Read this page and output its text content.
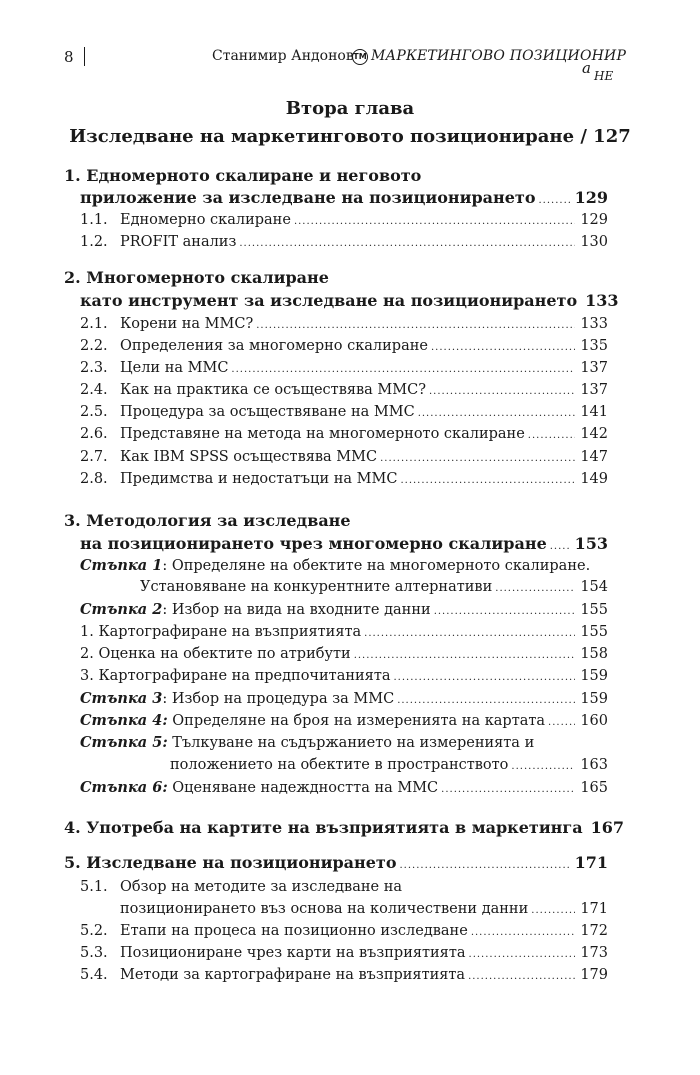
8	Станимир Андонов TM МАРКЕТИНГОВО ПОЗИЦИОНИР
а НЕ
Втора глава
Изследване на маркетинговото позициониране / 127
1. Едномерното скалиране и неговото
приложение за изследване на позиционирането ..... 129
1.1. Едномерно скалиране .....	129
1.2. PROFIT анализ .....	130
2. Многомерното скалиране
като инструмент за изследване на позиционирането 133
2.1. Корени на ММС? .....	133
2.2. Определения за многомерно скалиране .....	135
2.3. Цели на ММС .....	137
2.4. Как на практика се осъществява ММС? .....	137
2.5. Процедура за осъществяване на ММС .....	141
2.6. Представяне на метода на многомерното скалиране .....	142
2.7. Как IBM SPSS осъществява ММС .....	147
2.8. Предимства и недостатъци на ММС .....	149
3. Методология за изследване
на позиционирането чрез многомерно скалиране ..... 153
Стъпка 1: Определяне на обектите на многомерното скалиране.
Установяване на конкурентните алтернативи .....	154
Стъпка 2: Избор на вида на входните данни .....	155
1. Картографиране на възприятията .....	155
2. Оценка на обектите по атрибути .....	158
3. Картографиране на предпочитанията .....	159
Стъпка 3: Избор на процедура за ММС .....	159
Стъпка 4: Определяне на броя на измеренията на картата ..... 160
Стъпка 5: Тълкуване на съдържанието на измеренията и
положението на обектите в пространството .....	163
Стъпка 6: Оценяване надеждността на ММС .....	165
4. Употреба на картите на възприятията в маркетинга 167
5. Изследване на позиционирането .....	171
5.1. Обзор на методите за изследване на
позиционирането въз основа на количествени данни .....	171
5.2. Етапи на процеса на позиционно изследване .....	172
5.3. Позициониране чрез карти на възприятията .....	173
5.4. Методи за картографиране на възприятията .....	179
